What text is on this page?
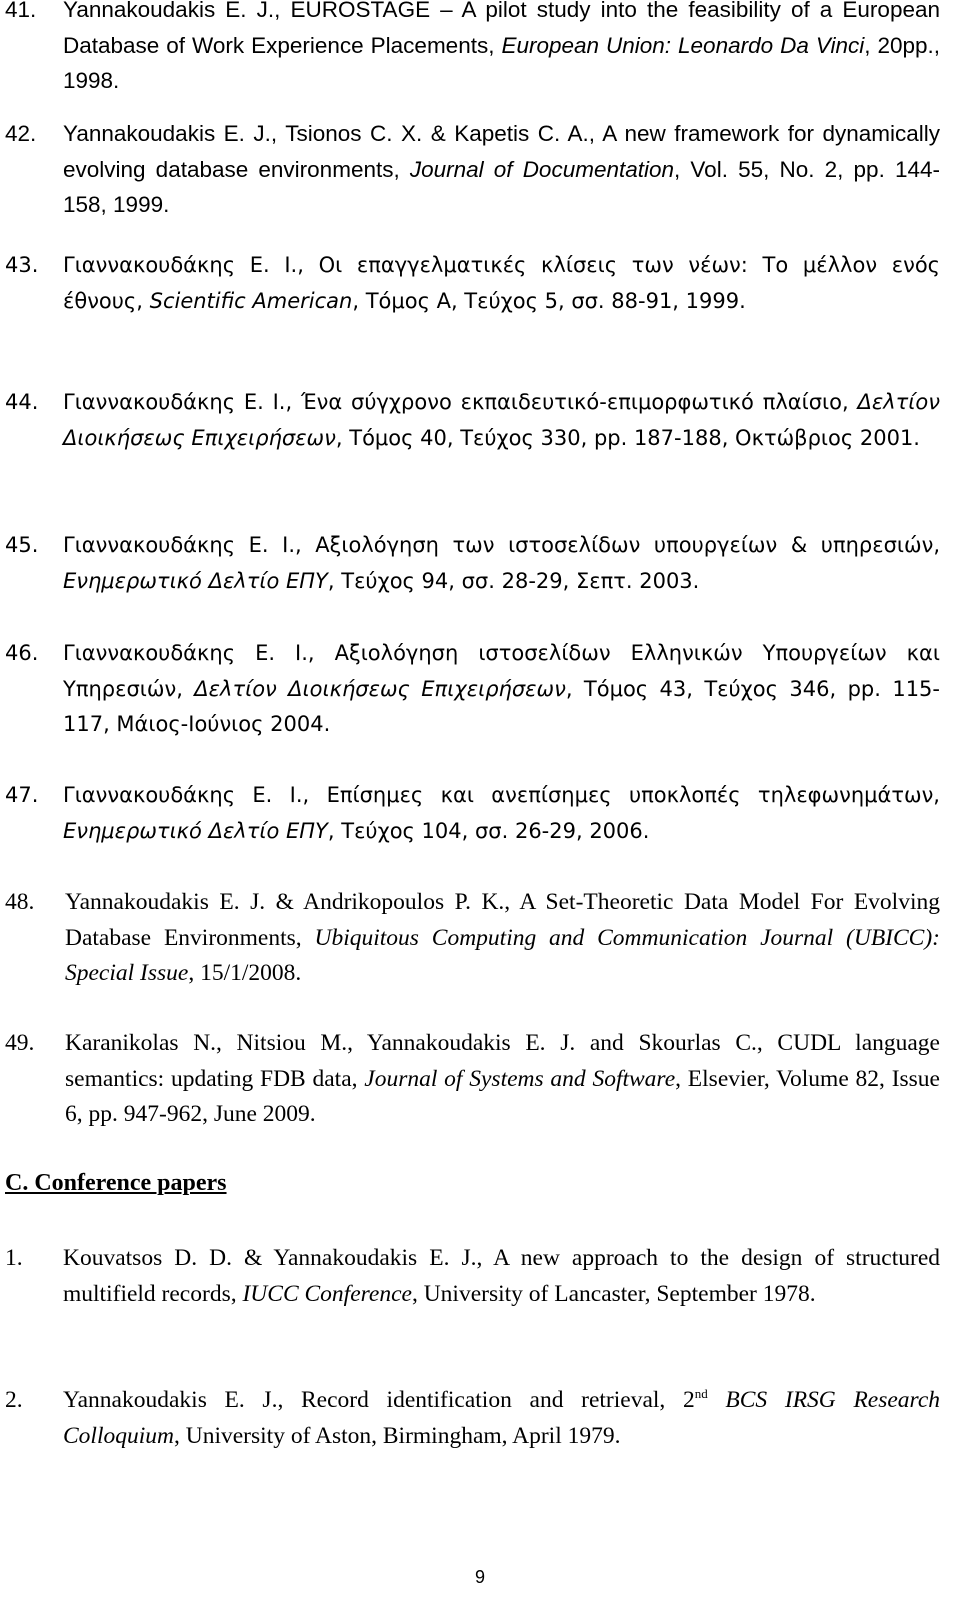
41. Yannakoudakis E. J., EUROSTAGE – A pilot study into the feasibility of a European Database of Work Experience Placements, European Union: Leonardo Da Vinci, 20pp., 1998.
42. Yannakoudakis E. J., Tsionos C. X. & Kapetis C. A., A new framework for dynamically evolving database environments, Journal of Documentation, Vol. 55, No. 2, pp. 144-158, 1999.
43. Γιαννακουδάκης Ε. Ι., Οι επαγγελματικές κλίσεις των νέων: Το μέλλον ενός έθνους, Scientific American, Τόμος Α, Τεύχος 5, σσ. 88-91, 1999.
44. Γιαννακουδάκης Ε. Ι., Ένα σύγχρονο εκπαιδευτικό-επιμορφωτικό πλαίσιο, Δελτίον Διοικήσεως Επιχειρήσεων, Τόμος 40, Τεύχος 330, pp. 187-188, Οκτώβριος 2001.
45. Γιαννακουδάκης Ε. Ι., Αξιολόγηση των ιστοσελίδων υπουργείων & υπηρεσιών, Ενημερωτικό Δελτίο ΕΠΥ, Τεύχος 94, σσ. 28-29, Σεπτ. 2003.
46. Γιαννακουδάκης Ε. Ι., Αξιολόγηση ιστοσελίδων Ελληνικών Υπουργείων και Υπηρεσιών, Δελτίον Διοικήσεως Επιχειρήσεων, Τόμος 43, Τεύχος 346, pp. 115-117, Μάιος-Ιούνιος 2004.
47. Γιαννακουδάκης Ε. Ι., Επίσημες και ανεπίσημες υποκλοπές τηλεφωνημάτων, Ενημερωτικό Δελτίο ΕΠΥ, Τεύχος 104, σσ. 26-29, 2006.
48. Yannakoudakis E. J. & Andrikopoulos P. K., A Set-Theoretic Data Model For Evolving Database Environments, Ubiquitous Computing and Communication Journal (UBICC): Special Issue, 15/1/2008.
49. Karanikolas N., Nitsiou M., Yannakoudakis E. J. and Skourlas C., CUDL language semantics: updating FDB data, Journal of Systems and Software, Elsevier, Volume 82, Issue 6, pp. 947-962, June 2009.
C. Conference papers
1. Kouvatsos D. D. & Yannakoudakis E. J., A new approach to the design of structured multifield records, IUCC Conference, University of Lancaster, September 1978.
2. Yannakoudakis E. J., Record identification and retrieval, 2nd BCS IRSG Research Colloquium, University of Aston, Birmingham, April 1979.
9
